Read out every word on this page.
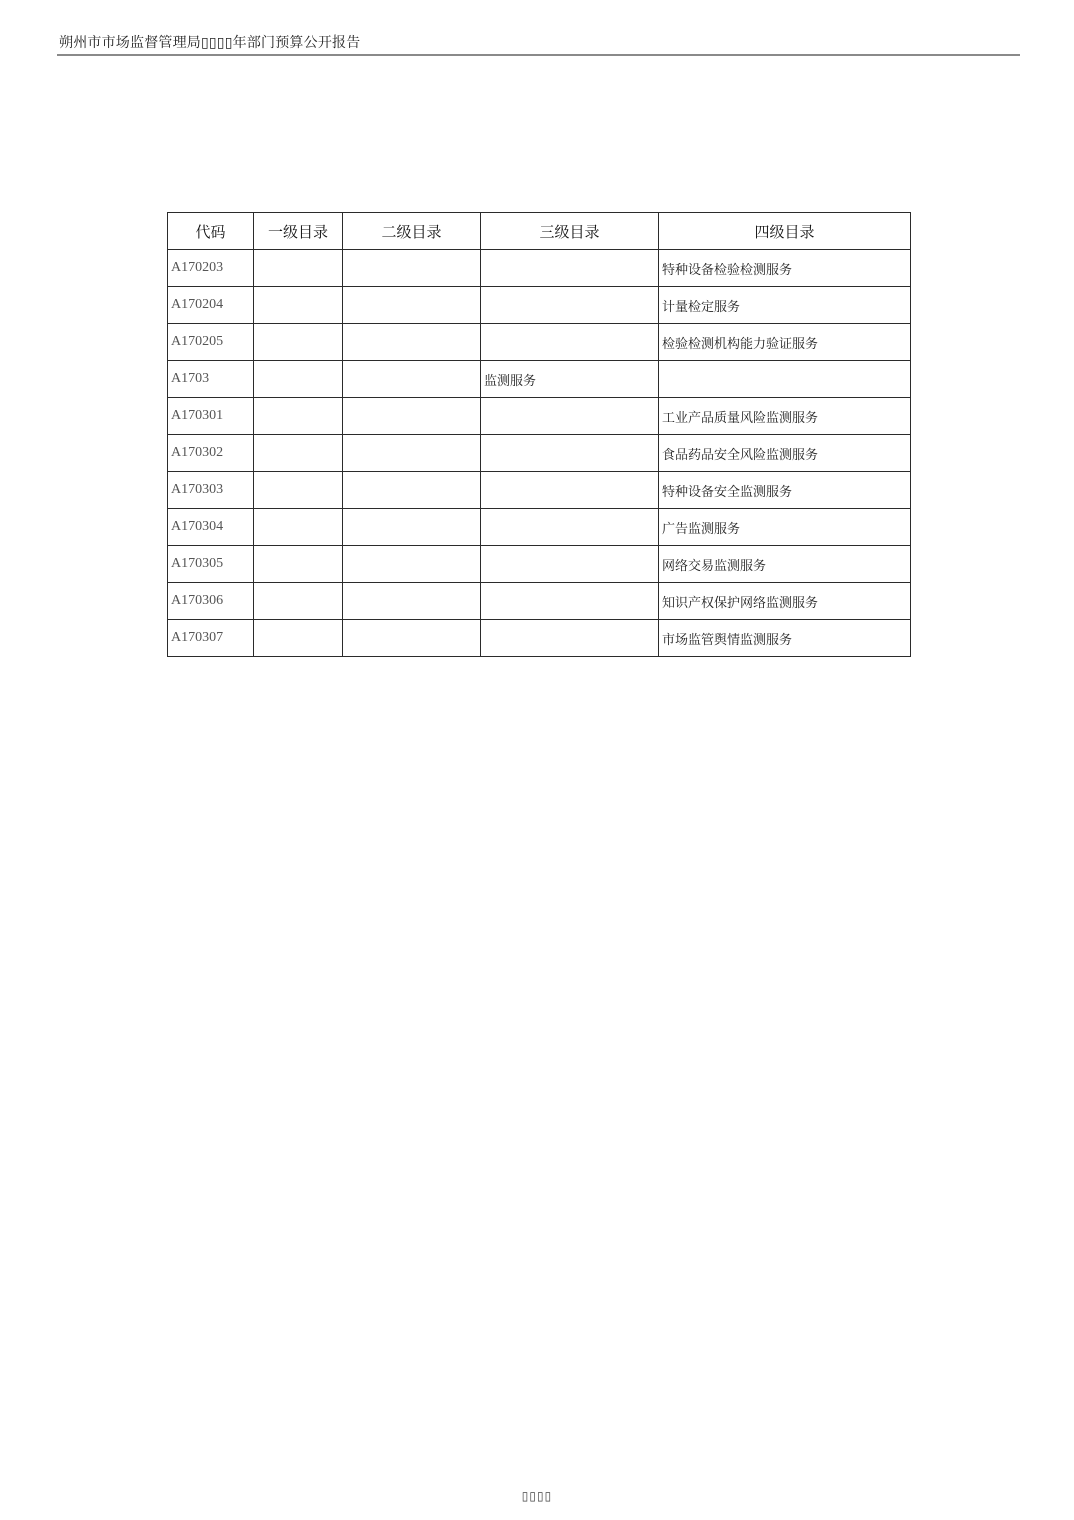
朔州市市场监督管理局▯▯▯▯年部门预算公开报告
代码	一级目录	二级目录	三级目录	四级目录
A170203				特种设备检验检测服务
A170204				计量检定服务
A170205				检验检测机构能力验证服务
A1703			监测服务	
A170301				工业产品质量风险监测服务
A170302				食品药品安全风险监测服务
A170303				特种设备安全监测服务
A170304				广告监测服务
A170305				网络交易监测服务
A170306				知识产权保护网络监测服务
A170307				市场监管舆情监测服务
▯▯▯▯
